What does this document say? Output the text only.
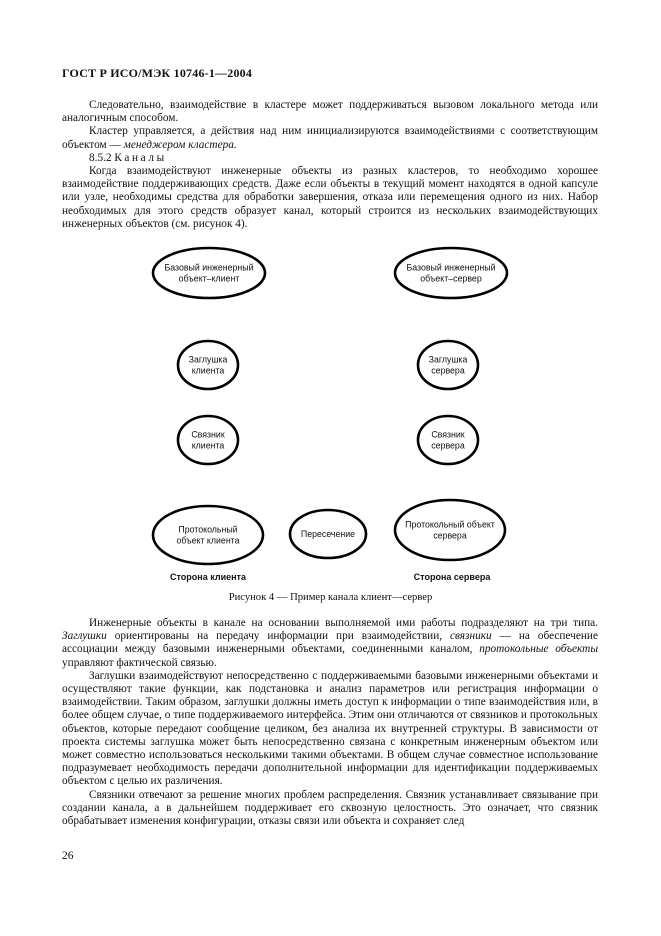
ГОСТ Р ИСО/МЭК 10746-1—2004

Следовательно, взаимодействие в кластере может поддерживаться вызовом локального метода или аналогичным способом.

Кластер управляется, а действия над ним инициализируются взаимодействиями с соответствующим объектом — менеджером кластера.

8.5.2 Каналы

Когда взаимодействуют инженерные объекты из разных кластеров, то необходимо хорошее взаимодействие поддерживающих средств. Даже если объекты в текущий момент находятся в одной капсуле или узле, необходимы средства для обработки завершения, отказа или перемещения одного из них. Набор необходимых для этого средств образует канал, который строится из нескольких взаимодействующих инженерных объектов (см. рисунок 4).

Базовый инженерный
объект–клиент
Базовый инженерный
объект–сервер
Заглушка
клиента
Заглушка
сервера
Связник
клиента
Связник
сервера
Протокольный
объект клиента
Пересечение
Протокольный объект
сервера
Сторона клиента	Сторона сервера
Рисунок 4 — Пример канала клиент—сервер

Инженерные объекты в канале на основании выполняемой ими работы подразделяют на три типа. Заглушки ориентированы на передачу информации при взаимодействии, связники — на обеспечение ассоциации между базовыми инженерными объектами, соединенными каналом, протокольные объекты управляют фактической связью.

Заглушки взаимодействуют непосредственно с поддерживаемыми базовыми инженерными объектами и осуществляют такие функции, как подстановка и анализ параметров или регистрация информации о взаимодействии. Таким образом, заглушки должны иметь доступ к информации о типе взаимодействия или, в более общем случае, о типе поддерживаемого интерфейса. Этим они отличаются от связников и протокольных объектов, которые передают сообщение целиком, без анализа их внутренней структуры. В зависимости от проекта системы заглушка может быть непосредственно связана с конкретным инженерным объектом или может совместно использоваться несколькими такими объектами. В общем случае совместное использование подразумевает необходимость передачи дополнительной информации для идентификации поддерживаемых объектом с целью их различения.

Связники отвечают за решение многих проблем распределения. Связник устанавливает связывание при создании канала, а в дальнейшем поддерживает его сквозную целостность. Это означает, что связник обрабатывает изменения конфигурации, отказы связи или объекта и сохраняет след

26
